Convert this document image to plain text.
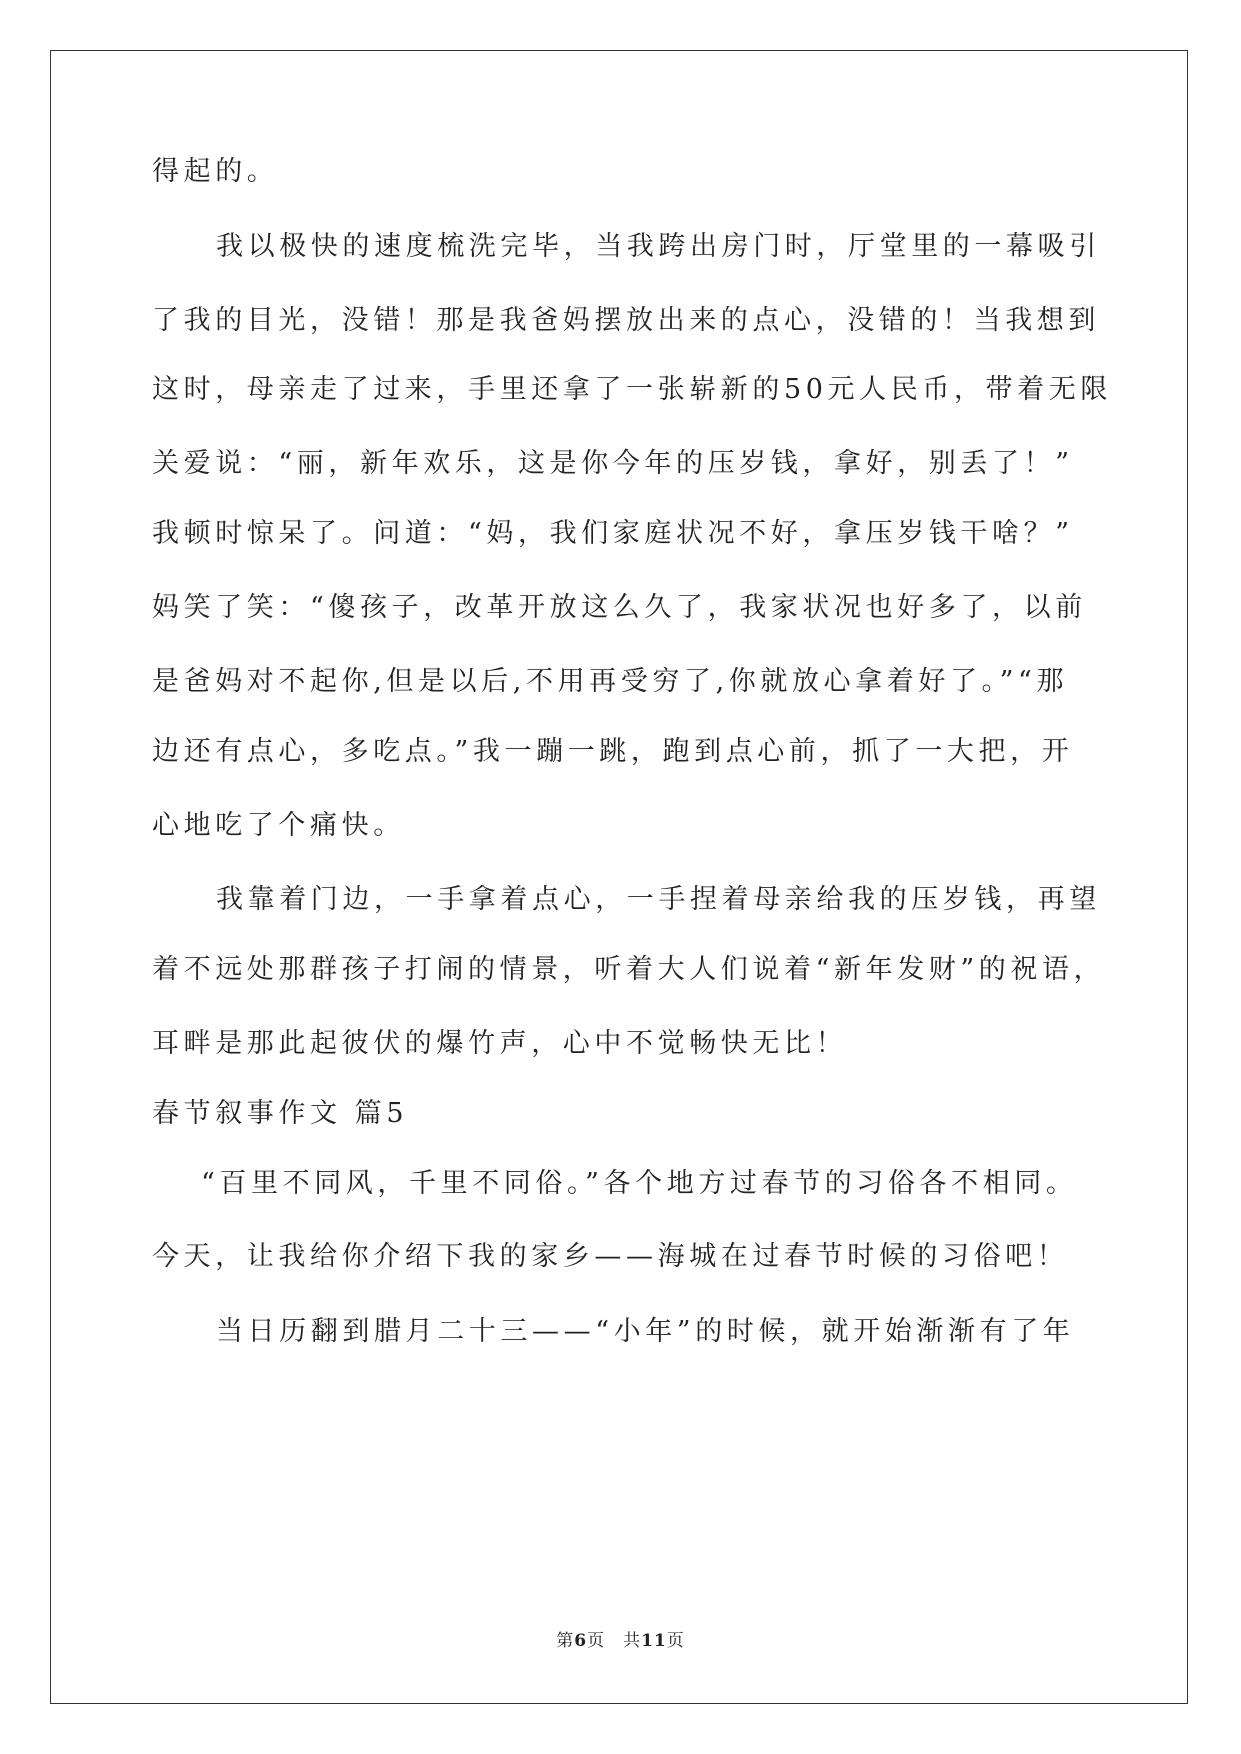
得起的。
我以极快的速度梳洗完毕，当我跨出房门时，厅堂里的一幕吸引
了我的目光，没错！那是我爸妈摆放出来的点心，没错的！当我想到
这时，母亲走了过来，手里还拿了一张崭新的50元人民币，带着无限
关爱说：“丽，新年欢乐，这是你今年的压岁钱，拿好，别丢了！”
我顿时惊呆了。问道：“妈，我们家庭状况不好，拿压岁钱干啥？”
妈笑了笑：“傻孩子，改革开放这么久了，我家状况也好多了，以前
是爸妈对不起你,但是以后,不用再受穷了,你就放心拿着好了。”“那
边还有点心，多吃点。”我一蹦一跳，跑到点心前，抓了一大把，开
心地吃了个痛快。
我靠着门边，一手拿着点心，一手捏着母亲给我的压岁钱，再望
着不远处那群孩子打闹的情景，听着大人们说着“新年发财”的祝语，
耳畔是那此起彼伏的爆竹声，心中不觉畅快无比！
春节叙事作文 篇5
“百里不同风，千里不同俗。”各个地方过春节的习俗各不相同。
今天，让我给你介绍下我的家乡——海城在过春节时候的习俗吧！
当日历翻到腊月二十三——“小年”的时候，就开始渐渐有了年
第6页　共11页
